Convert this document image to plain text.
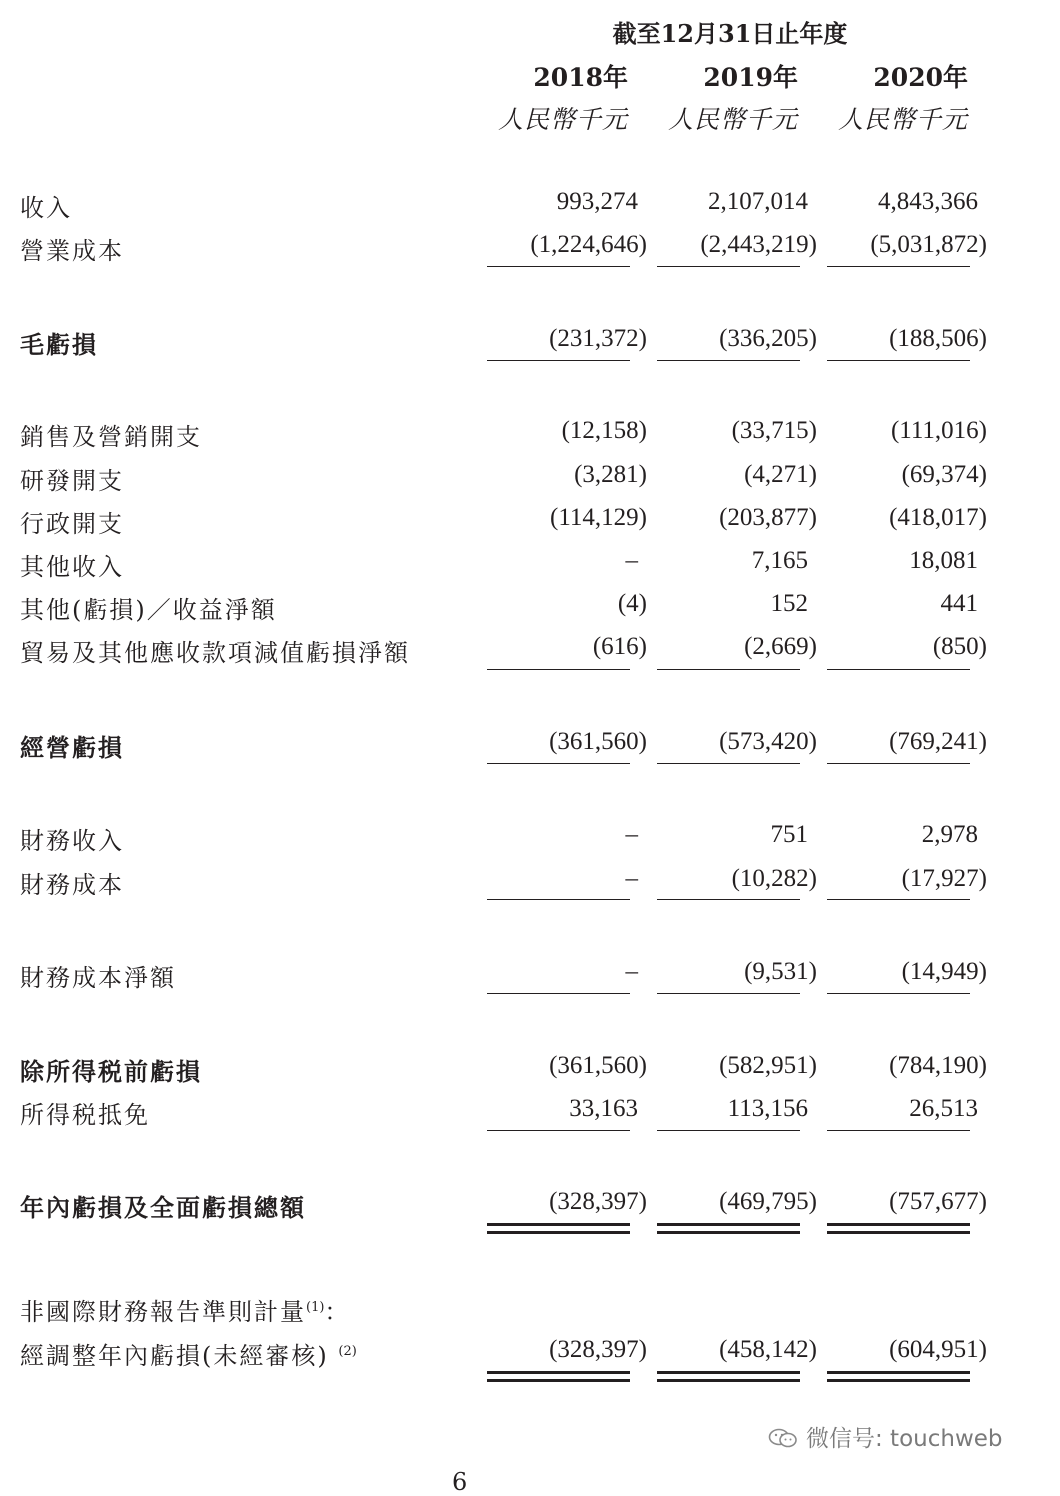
截至12月31日止年度
2018年	2019年	2020年
人民幣千元	人民幣千元	人民幣千元
收入	993,274	2,107,014	4,843,366
營業成本	(1,224,646) (2,443,219) (5,031,872)
毛虧損	(231,372)	(336,205)	(188,506)
銷售及營銷開支	(12,158)	(33,715)	(111,016)
研發開支	(3,281)	(4,271)	(69,374)
行政開支	(114,129)	(203,877)	(418,017)
其他收入	–	7,165	18,081
其他(虧損)／收益淨額	(4)	152	441
貿易及其他應收款項減值虧損淨額	(616)	(2,669)	(850)
經營虧損	(361,560)	(573,420)	(769,241)
財務收入	–	751	2,978
財務成本	–	(10,282)	(17,927)
財務成本淨額	–	(9,531)	(14,949)
除所得税前虧損	(361,560)	(582,951)	(784,190)
所得税抵免	33,163	113,156	26,513
年內虧損及全面虧損總額	(328,397)	(469,795)	(757,677)
非國際財務報告準則計量$^{(1)}$：
經調整年內虧損(未經審核) $^{(2)}$	(328,397)	(458,142)	(604,951)
微信号: touchweb
6
